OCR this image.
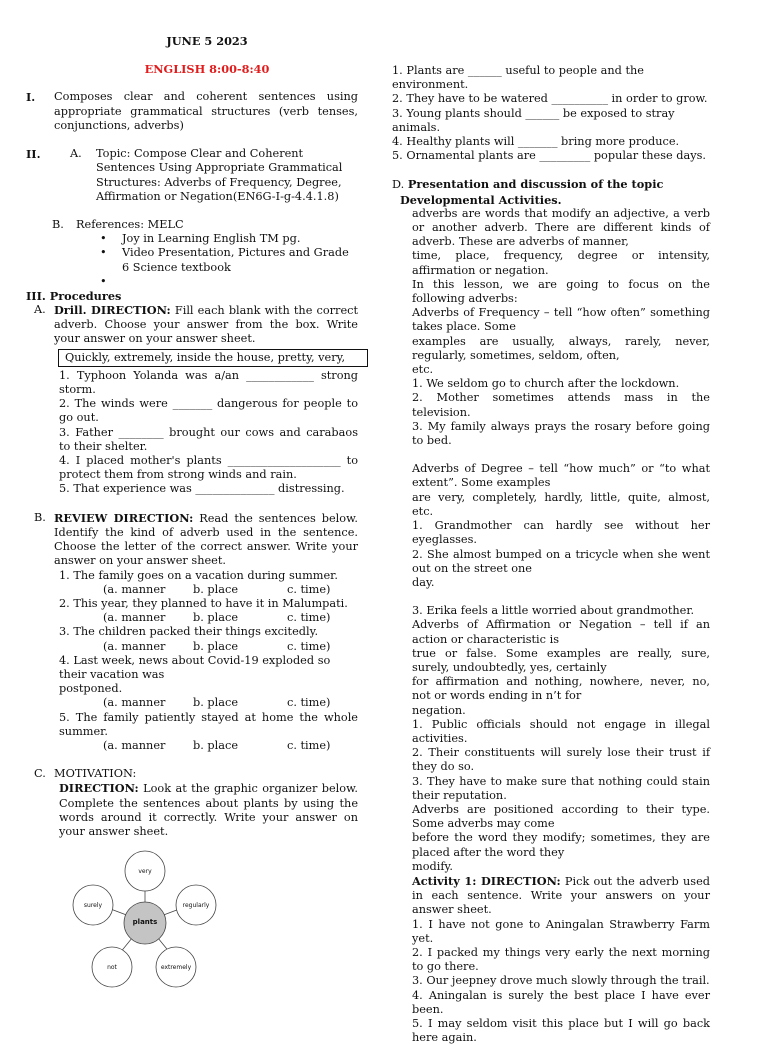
JUNE 5 2023
ENGLISH 8:00-8:40
I.	Composes clear and coherent sentences using appropriate grammatical structures (verb tenses, conjunctions, adverbs)
II.	A.	Topic: Compose Clear and Coherent Sentences Using Appropriate Grammatical Structures: Adverbs of Frequency, Degree, Affirmation or Negation(EN6G-I-g-4.4.1.8)
B.	References: MELC
• Joy in Learning English TM pg.
• Video Presentation, Pictures and Grade 6 Science textbook
•
III. Procedures
A. Drill. DIRECTION: Fill each blank with the correct adverb. Choose your answer from the box. Write your answer on your answer sheet.
Quickly, extremely, inside the house, pretty, very,
1. Typhoon Yolanda was a/an ____________ strong storm.
2. The winds were _______ dangerous for people to go out.
3. Father ________ brought our cows and carabaos to their shelter.
4. I placed mother's plants ____________________ to protect them from strong winds and rain.
5. That experience was ______________ distressing.
B. REVIEW DIRECTION: Read the sentences below. Identify the kind of adverb used in the sentence. Choose the letter of the correct answer. Write your answer on your answer sheet.
1. The family goes on a vacation during summer.
(a. manner	b. place	c. time)
2. This year, they planned to have it in Malumpati.
(a. manner	b. place	c. time)
3. The children packed their things excitedly.
(a. manner	b. place	c. time)
4. Last week, news about Covid-19 exploded so their vacation was
postponed.
(a. manner	b. place	c. time)
5. The family patiently stayed at home the whole summer.
(a. manner	b. place	c. time)
C. MOTIVATION:
DIRECTION: Look at the graphic organizer below. Complete the sentences about plants by using the words around it correctly. Write your answer on your answer sheet.
plants
very
regularly
extremely
not
surely
1. Plants are ______ useful to people and the environment.
2. They have to be watered __________ in order to grow.
3. Young plants should ______ be exposed to stray animals.
4. Healthy plants will _______ bring more produce.
5. Ornamental plants are _________ popular these days.
D. Presentation and discussion of the topic
Developmental Activities.
adverbs are words that modify an adjective, a verb or another adverb. There are different kinds of adverb. These are adverbs of manner,
time, place, frequency, degree or intensity, affirmation or negation.
In this lesson, we are going to focus on the following adverbs:
Adverbs of Frequency – tell “how often” something takes place. Some
examples are usually, always, rarely, never, regularly, sometimes, seldom, often,
etc.
1. We seldom go to church after the lockdown.
2. Mother sometimes attends mass in the television.
3. My family always prays the rosary before going to bed.
Adverbs of Degree – tell “how much” or “to what extent”. Some examples
are very, completely, hardly, little, quite, almost, etc.
1. Grandmother can hardly see without her eyeglasses.
2. She almost bumped on a tricycle when she went out on the street one
day.
3. Erika feels a little worried about grandmother.
Adverbs of Affirmation or Negation – tell if an action or characteristic is
true or false. Some examples are really, sure, surely, undoubtedly, yes, certainly
for affirmation and nothing, nowhere, never, no, not or words ending in n’t for
negation.
1. Public officials should not engage in illegal activities.
2. Their constituents will surely lose their trust if they do so.
3. They have to make sure that nothing could stain their reputation.
Adverbs are positioned according to their type. Some adverbs may come
before the word they modify; sometimes, they are placed after the word they
modify.
Activity 1: DIRECTION: Pick out the adverb used in each sentence. Write your answers on your answer sheet.
1. I have not gone to Aningalan Strawberry Farm yet.
2. I packed my things very early the next morning to go there.
3. Our jeepney drove much slowly through the trail.
4. Aningalan is surely the best place I have ever been.
5. I may seldom visit this place but I will go back here again.
